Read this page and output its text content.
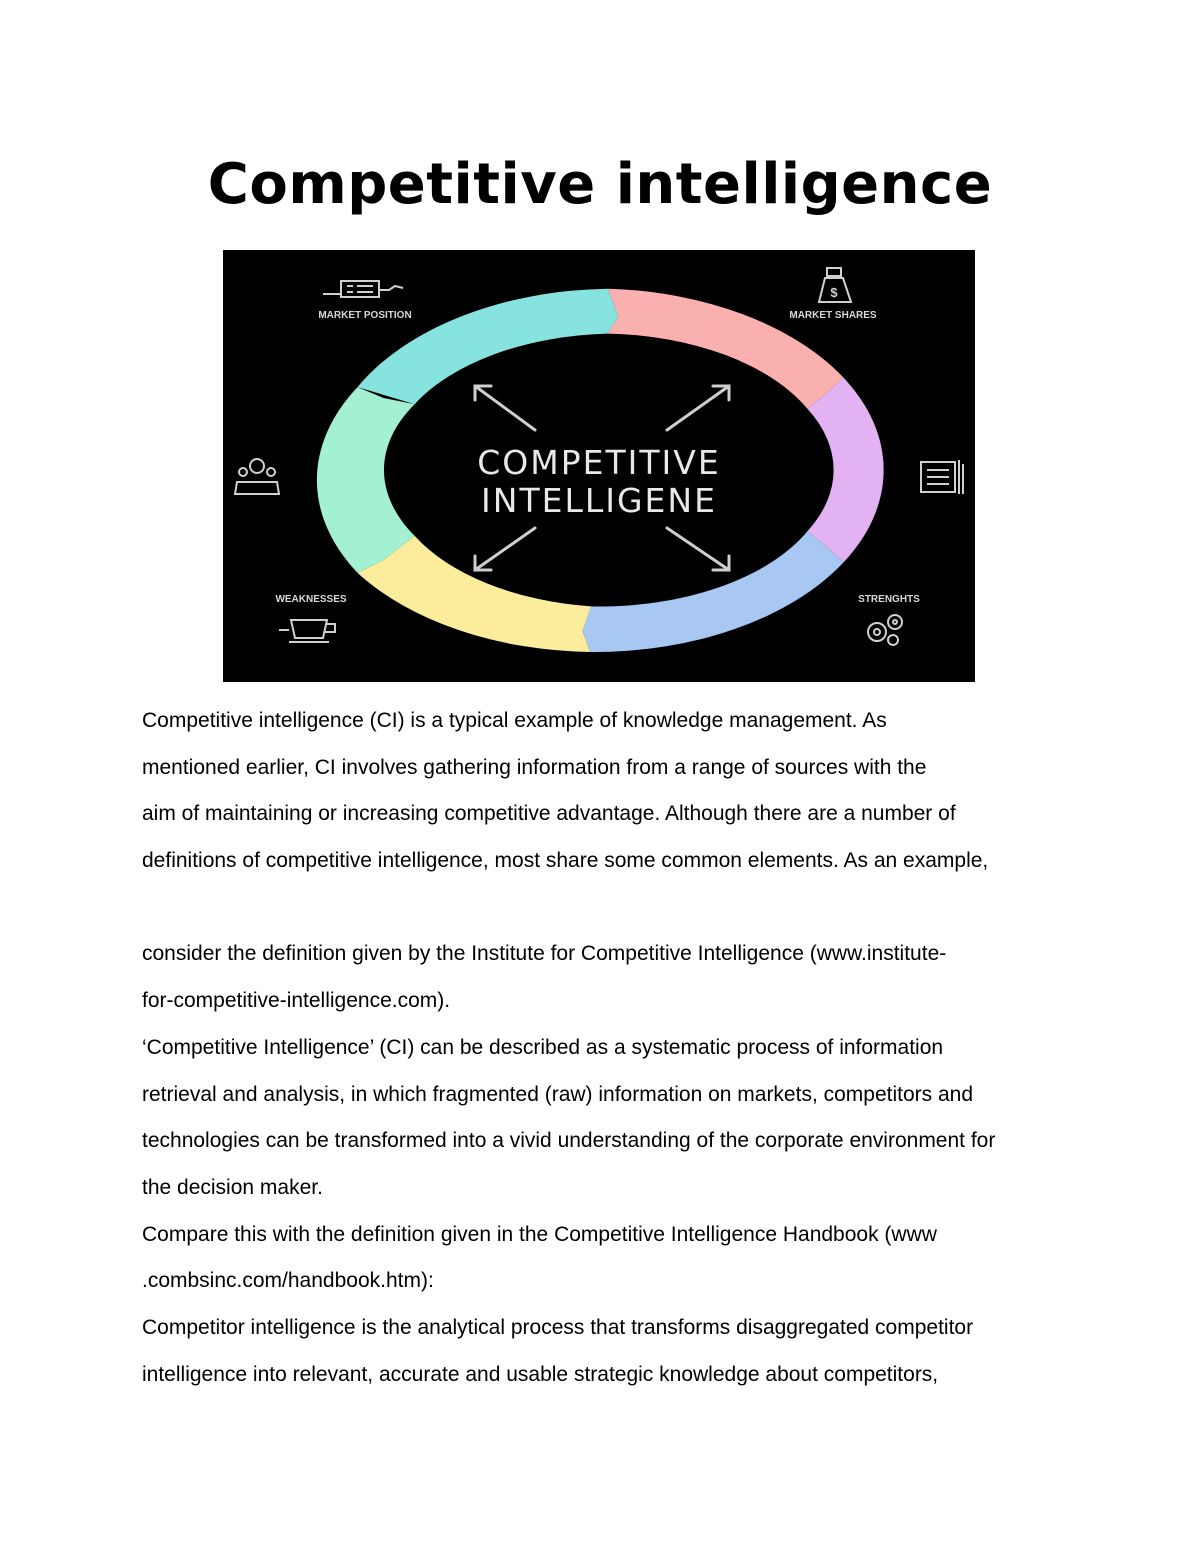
Competitive intelligence
COMPETITIVE
INTELLIGENE
MARKET POSITION	MARKET SHARES
WEAKNESSES	STRENGHTS
$
Competitive intelligence (CI) is a typical example of knowledge management. As
mentioned earlier, CI involves gathering information from a range of sources with the
aim of maintaining or increasing competitive advantage. Although there are a number of
definitions of competitive intelligence, most share some common elements. As an example,
consider the definition given by the Institute for Competitive Intelligence (www.institute-
for-competitive-intelligence.com).
‘Competitive Intelligence’ (CI) can be described as a systematic process of information
retrieval and analysis, in which fragmented (raw) information on markets, competitors and
technologies can be transformed into a vivid understanding of the corporate environment for
the decision maker.
Compare this with the definition given in the Competitive Intelligence Handbook (www
.combsinc.com/handbook.htm):
Competitor intelligence is the analytical process that transforms disaggregated competitor
intelligence into relevant, accurate and usable strategic knowledge about competitors,
